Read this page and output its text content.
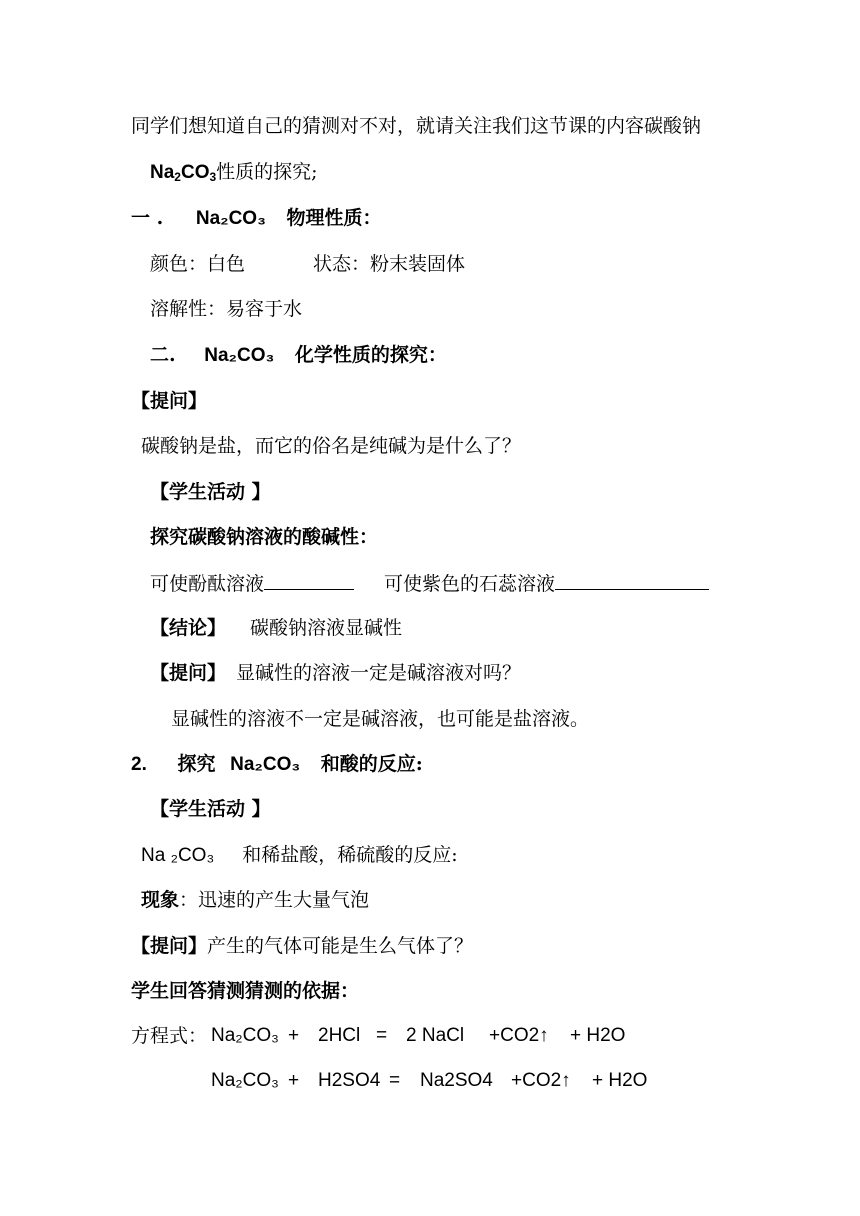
同学们想知道自己的猜测对不对，就请关注我们这节课的内容碳酸钠
$Na_2CO_3$性质的探究;
一 . Na₂CO₃ 物理性质：
颜色：白色	状态：粉末装固体
溶解性：易容于水
二. Na₂CO₃ 化学性质的探究：
【提问】
碳酸钠是盐，而它的俗名是纯碱为是什么了？
【学生活动 】
探究碳酸钠溶液的酸碱性：
可使酚酞溶液	可使紫色的石蕊溶液
【结论】 碳酸钠溶液显碱性
【提问】 显碱性的溶液一定是碱溶液对吗？
显碱性的溶液不一定是碱溶液，也可能是盐溶液。
2. 探究 Na₂CO₃ 和酸的反应:
【学生活动 】
Na ₂CO₃ 和稀盐酸，稀硫酸的反应:
现象：迅速的产生大量气泡
【提问】产生的气体可能是生么气体了？
学生回答猜测猜测的依据：
方程式： Na₂CO₃ + 2HCl = 2 NaCl +CO2↑ + H2O
Na₂CO₃ + H2SO4 = Na2SO4 +CO2↑ + H2O
